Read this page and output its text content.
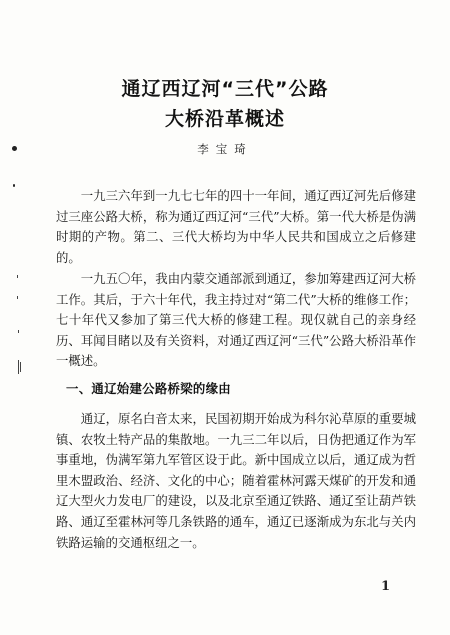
通辽西辽河“三代”公路
大桥沿革概述
李宝琦

一九三六年到一九七七年的四十一年间，通辽西辽河先后修建过三座公路大桥，称为通辽西辽河“三代”大桥。第一代大桥是伪满时期的产物。第二、三代大桥均为中华人民共和国成立之后修建的。

一九五〇年，我由内蒙交通部派到通辽，参加筹建西辽河大桥工作。其后，于六十年代，我主持过对“第二代”大桥的维修工作；七十年代又参加了第三代大桥的修建工程。现仅就自己的亲身经历、耳闻目睹以及有关资料，对通辽西辽河“三代”公路大桥沿革作一概述。

一、通辽始建公路桥梁的缘由

通辽，原名白音太来，民国初期开始成为科尔沁草原的重要城镇、农牧土特产品的集散地。一九三二年以后，日伪把通辽作为军事重地，伪满军第九军管区设于此。新中国成立以后，通辽成为哲里木盟政治、经济、文化的中心；随着霍林河露天煤矿的开发和通辽大型火力发电厂的建设，以及北京至通辽铁路、通辽至让葫芦铁路、通辽至霍林河等几条铁路的通车，通辽已逐渐成为东北与关内铁路运输的交通枢纽之一。

1
